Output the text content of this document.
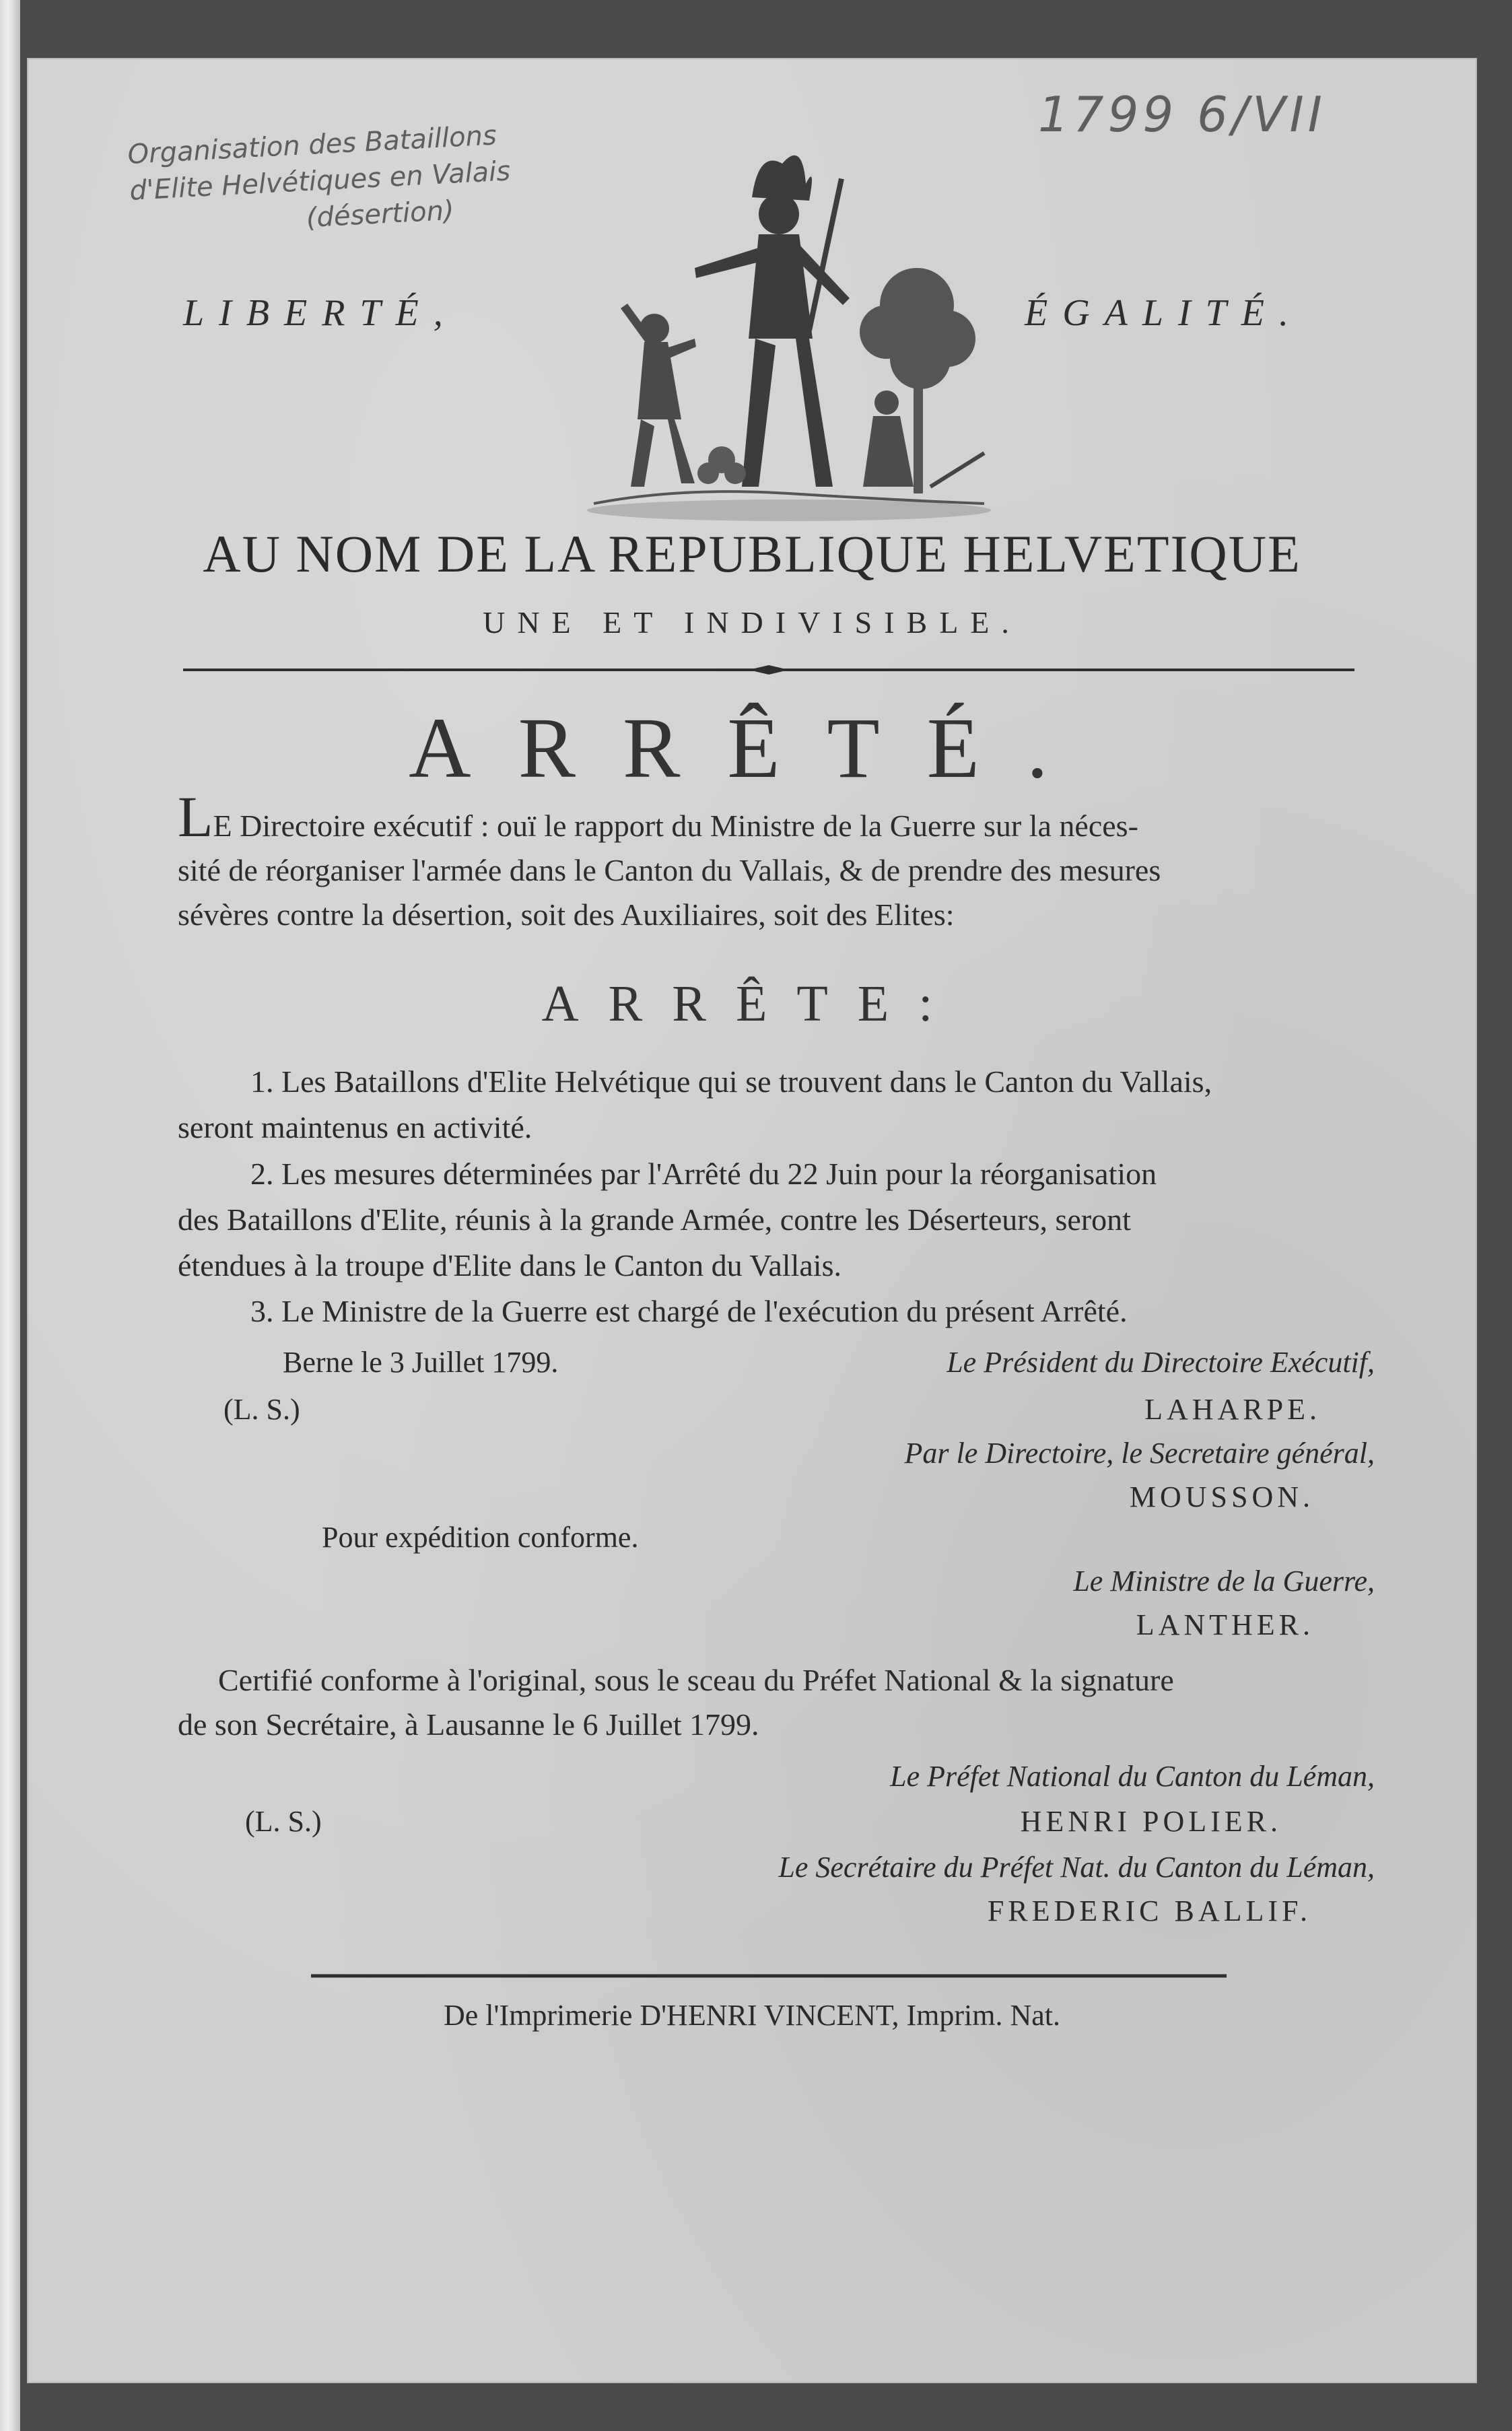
Organisation des Bataillons
d'Elite Helvétiques en Valais
(désertion)
1799 6/VII
LIBERTÉ,	ÉGALITÉ.
AU NOM DE LA REPUBLIQUE HELVETIQUE
UNE ET INDIVISIBLE.
ARRÊTÉ.
LE Directoire exécutif : ouï le rapport du Ministre de la Guerre sur la néces-
sité de réorganiser l'armée dans le Canton du Vallais, & de prendre des mesures
sévères contre la désertion, soit des Auxiliaires, soit des Elites:
ARRÊTE:
1. Les Bataillons d'Elite Helvétique qui se trouvent dans le Canton du Vallais,
seront maintenus en activité.
2. Les mesures déterminées par l'Arrêté du 22 Juin pour la réorganisation
des Bataillons d'Elite, réunis à la grande Armée, contre les Déserteurs, seront
étendues à la troupe d'Elite dans le Canton du Vallais.
3. Le Ministre de la Guerre est chargé de l'exécution du présent Arrêté.
Berne le 3 Juillet 1799.
(L. S.)
Le Président du Directoire Exécutif,
LAHARPE.
Par le Directoire, le Secretaire général,
MOUSSON.
Pour expédition conforme.
Le Ministre de la Guerre,
LANTHER.
Certifié conforme à l'original, sous le sceau du Préfet National & la signature
de son Secrétaire, à Lausanne le 6 Juillet 1799.
Le Préfet National du Canton du Léman,
HENRI POLIER.
(L. S.)
Le Secrétaire du Préfet Nat. du Canton du Léman,
FREDERIC BALLIF.
De l'Imprimerie D'HENRI VINCENT, Imprim. Nat.
